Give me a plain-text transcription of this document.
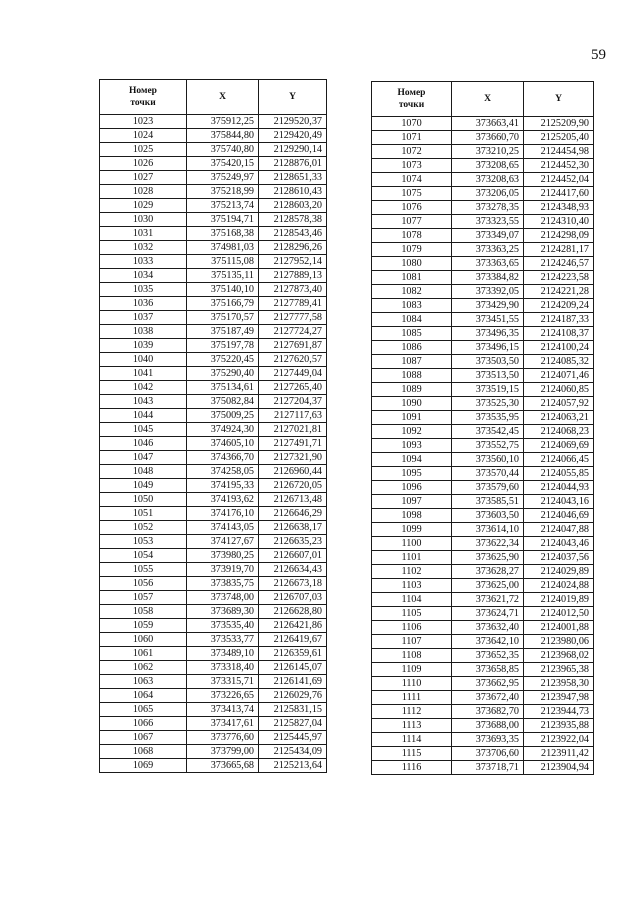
59
Номер
точки	X	Y
1023	375912,25	2129520,37
1024	375844,80	2129420,49
1025	375740,80	2129290,14
1026	375420,15	2128876,01
1027	375249,97	2128651,33
1028	375218,99	2128610,43
1029	375213,74	2128603,20
1030	375194,71	2128578,38
1031	375168,38	2128543,46
1032	374981,03	2128296,26
1033	375115,08	2127952,14
1034	375135,11	2127889,13
1035	375140,10	2127873,40
1036	375166,79	2127789,41
1037	375170,57	2127777,58
1038	375187,49	2127724,27
1039	375197,78	2127691,87
1040	375220,45	2127620,57
1041	375290,40	2127449,04
1042	375134,61	2127265,40
1043	375082,84	2127204,37
1044	375009,25	2127117,63
1045	374924,30	2127021,81
1046	374605,10	2127491,71
1047	374366,70	2127321,90
1048	374258,05	2126960,44
1049	374195,33	2126720,05
1050	374193,62	2126713,48
1051	374176,10	2126646,29
1052	374143,05	2126638,17
1053	374127,67	2126635,23
1054	373980,25	2126607,01
1055	373919,70	2126634,43
1056	373835,75	2126673,18
1057	373748,00	2126707,03
1058	373689,30	2126628,80
1059	373535,40	2126421,86
1060	373533,77	2126419,67
1061	373489,10	2126359,61
1062	373318,40	2126145,07
1063	373315,71	2126141,69
1064	373226,65	2126029,76
1065	373413,74	2125831,15
1066	373417,61	2125827,04
1067	373776,60	2125445,97
1068	373799,00	2125434,09
1069	373665,68	2125213,64
Номер
точки	X	Y
1070	373663,41	2125209,90
1071	373660,70	2125205,40
1072	373210,25	2124454,98
1073	373208,65	2124452,30
1074	373208,63	2124452,04
1075	373206,05	2124417,60
1076	373278,35	2124348,93
1077	373323,55	2124310,40
1078	373349,07	2124298,09
1079	373363,25	2124281,17
1080	373363,65	2124246,57
1081	373384,82	2124223,58
1082	373392,05	2124221,28
1083	373429,90	2124209,24
1084	373451,55	2124187,33
1085	373496,35	2124108,37
1086	373496,15	2124100,24
1087	373503,50	2124085,32
1088	373513,50	2124071,46
1089	373519,15	2124060,85
1090	373525,30	2124057,92
1091	373535,95	2124063,21
1092	373542,45	2124068,23
1093	373552,75	2124069,69
1094	373560,10	2124066,45
1095	373570,44	2124055,85
1096	373579,60	2124044,93
1097	373585,51	2124043,16
1098	373603,50	2124046,69
1099	373614,10	2124047,88
1100	373622,34	2124043,46
1101	373625,90	2124037,56
1102	373628,27	2124029,89
1103	373625,00	2124024,88
1104	373621,72	2124019,89
1105	373624,71	2124012,50
1106	373632,40	2124001,88
1107	373642,10	2123980,06
1108	373652,35	2123968,02
1109	373658,85	2123965,38
1110	373662,95	2123958,30
1111	373672,40	2123947,98
1112	373682,70	2123944,73
1113	373688,00	2123935,88
1114	373693,35	2123922,04
1115	373706,60	2123911,42
1116	373718,71	2123904,94
